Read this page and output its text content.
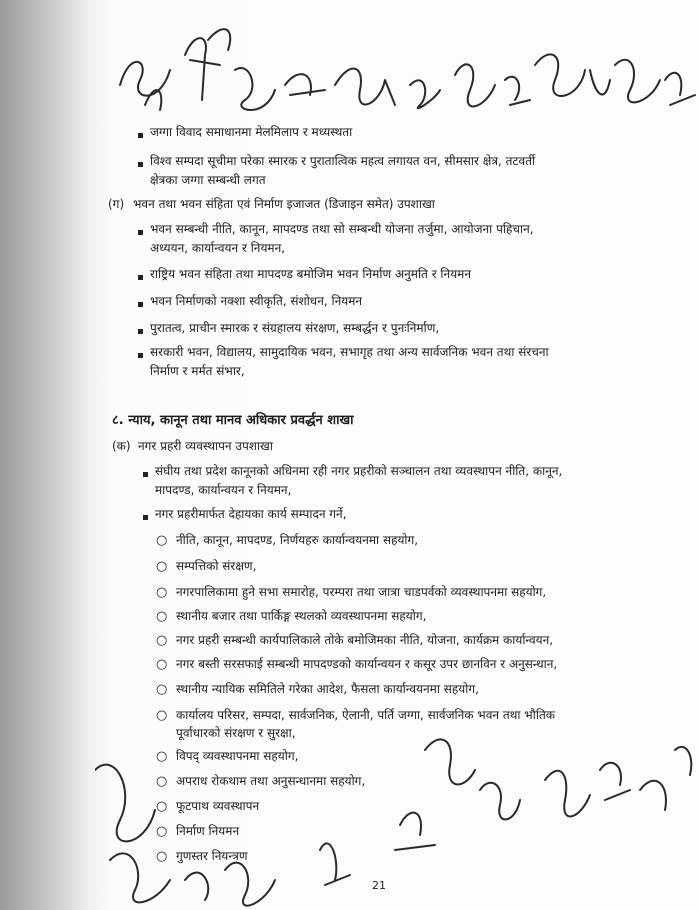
जग्गा विवाद समाधानमा मेलमिलाप र मध्यस्थता
विश्व सम्पदा सूचीमा परेका स्मारक र पुरातात्विक महत्व लगायत वन, सीमसार क्षेत्र, तटवर्ती
क्षेत्रका जग्गा सम्बन्धी लगत
(ग) भवन तथा भवन संहिता एवं निर्माण इजाजत (डिजाइन समेत) उपशाखा
भवन सम्बन्धी नीति, कानून, मापदण्ड तथा सो सम्बन्धी योजना तर्जुमा, आयोजना पहिचान,
अध्ययन, कार्यान्वयन र नियमन,
राष्ट्रिय भवन संहिता तथा मापदण्ड बमोजिम भवन निर्माण अनुमति र नियमन
भवन निर्माणको नक्शा स्वीकृति, संशोधन, नियमन
पुरातत्व, प्राचीन स्मारक र संग्रहालय संरक्षण, सम्बर्द्धन र पुनःनिर्माण,
सरकारी भवन, विद्यालय, सामुदायिक भवन, सभागृह तथा अन्य सार्वजनिक भवन तथा संरचना
निर्माण र मर्मत संभार,
८. न्याय, कानून तथा मानव अधिकार प्रवर्द्धन शाखा
(क) नगर प्रहरी व्यवस्थापन उपशाखा
संघीय तथा प्रदेश कानूनको अधिनमा रही नगर प्रहरीको सञ्चालन तथा व्यवस्थापन नीति, कानून,
मापदण्ड, कार्यान्वयन र नियमन,
नगर प्रहरीमार्फत देहायका कार्य सम्पादन गर्ने,
○ नीति, कानून, मापदण्ड, निर्णयहरु कार्यान्वयनमा सहयोग,
○ सम्पत्तिको संरक्षण,
○ नगरपालिकामा हुने सभा समारोह, परम्परा तथा जात्रा चाडपर्वको व्यवस्थापनमा सहयोग,
○ स्थानीय बजार तथा पार्किङ्ग स्थलको व्यवस्थापनमा सहयोग,
○ नगर प्रहरी सम्बन्धी कार्यपालिकाले तोके बमोजिमका नीति, योजना, कार्यक्रम कार्यान्वयन,
○ नगर बस्ती सरसफाई सम्बन्धी मापदण्डको कार्यान्वयन र कसूर उपर छानविन र अनुसन्धान,
○ स्थानीय न्यायिक समितिले गरेका आदेश, फैसला कार्यान्वयनमा सहयोग,
○ कार्यालय परिसर, सम्पदा, सार्वजनिक, ऐलानी, पर्ति जग्गा, सार्वजनिक भवन तथा भौतिक
पूर्वाधारको संरक्षण र सुरक्षा,
○ विपद् व्यवस्थापनमा सहयोग,
○ अपराध रोकथाम तथा अनुसन्धानमा सहयोग,
○ फूटपाथ व्यवस्थापन
○ निर्माण नियमन
○ गुणस्तर नियन्त्रण
21
